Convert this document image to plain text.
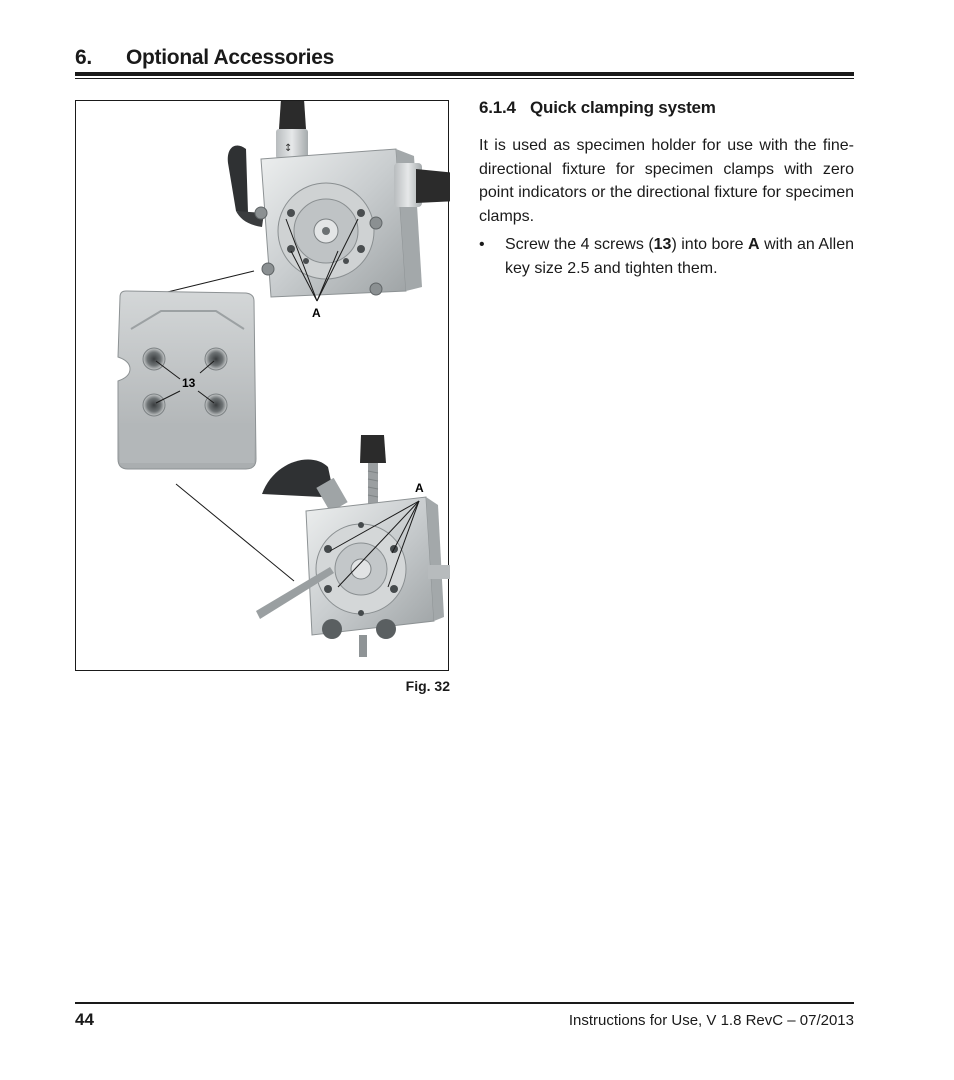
6. Optional Accessories
↕
A
13
A
Fig. 32
6.1.4 Quick clamping system
It is used as specimen holder for use with the fine-directional fixture for specimen clamps with zero point indicators or the directional fixture for specimen clamps.
• Screw the 4 screws (13) into bore A with an Allen key size 2.5 and tighten them.
44	Instructions for Use, V 1.8 RevC – 07/2013
